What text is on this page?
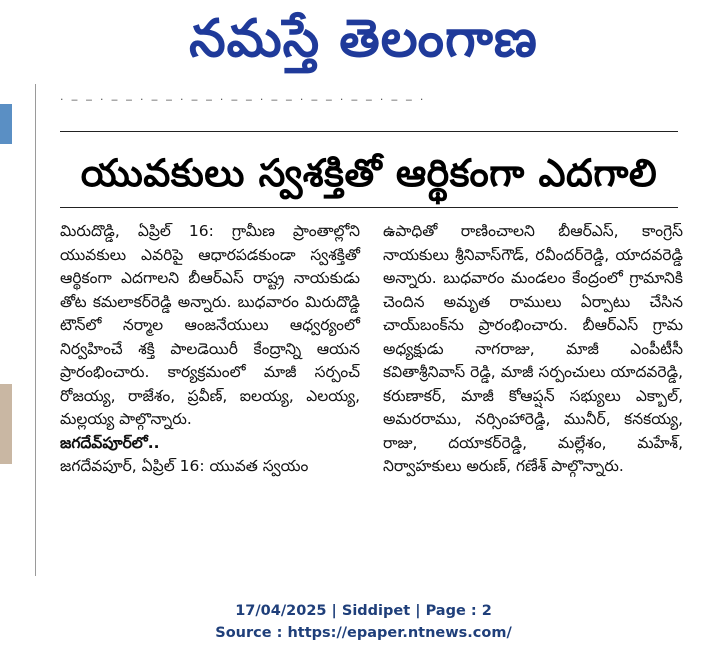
నమస్తే తెలంగాణ
· ‒ ‒ · ‒ ‒ · ‒ ‒ · ‒ ‒ · ‒ ‒ · ‒ ‒ · ‒ ‒ · ‒ ‒ · ‒ ‒ ·
యువకులు స్వశక్తితో ఆర్థికంగా ఎదగాలి

మిరుదొడ్డి, ఏప్రిల్ 16: గ్రామీణ ప్రాంతాల్లోని యువకులు ఎవరిపై ఆధారపడకుండా స్వశక్తితో ఆర్థికంగా ఎదగాలని బీఆర్‌ఎస్ రాష్ట్ర నాయకుడు తోట కమలాకర్‌రెడ్డి అన్నారు. బుధవారం మిరుదొడ్డి టౌన్‌లో నర్మాల ఆంజనేయులు ఆధ్వర్యంలో నిర్వహించే శక్తి పాలడెయిరీ కేంద్రాన్ని ఆయన ప్రారంభించారు. కార్యక్రమంలో మాజీ సర్పంచ్ రోజయ్య, రాజేశం, ప్రవీణ్, ఐలయ్య, ఎలయ్య, మల్లయ్య పాల్గొన్నారు.

జగదేవ్‌పూర్‌లో..

జగదేవపూర్, ఏప్రిల్ 16: యువత స్వయం

ఉపాధితో రాణించాలని బీఆర్‌ఎస్, కాంగ్రెస్ నాయకులు శ్రీనివాస్‌గౌడ్, రవీందర్‌రెడ్డి, యాదవరెడ్డి అన్నారు. బుధవారం మండలం కేంద్రంలో గ్రామానికి చెందిన అమృత రాములు ఏర్పాటు చేసిన చాయ్‌బంక్‌ను ప్రారంభించారు. బీఆర్‌ఎస్ గ్రామ అధ్యక్షుడు నాగరాజు, మాజీ ఎంపీటీసీ కవితాశ్రీనివాస్ రెడ్డి, మాజీ సర్పంచులు యాదవరెడ్డి, కరుణాకర్, మాజీ కోఆప్షన్ సభ్యులు ఎక్బాల్, అమరరాము, నర్సింహారెడ్డి, మునీర్, కనకయ్య, రాజు, దయాకర్‌రెడ్డి, మల్లేశం, మహేశ్, నిర్వాహకులు అరుణ్, గణేశ్ పాల్గొన్నారు.

17/04/2025 | Siddipet | Page : 2
Source : https://epaper.ntnews.com/
